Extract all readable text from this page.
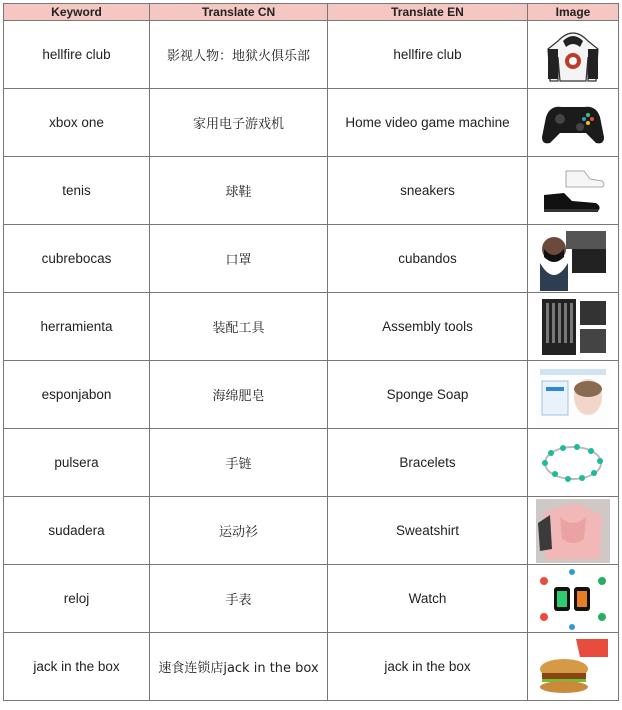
Keyword	Translate CN	Translate EN	Image
hellfire club	影视人物：地狱火俱乐部	hellfire club	

xbox one	家用电子游戏机	Home video game machine	

tenis	球鞋	sneakers	

cubrebocas	口罩	cubandos	

herramienta	装配工具	Assembly tools	

esponjabon	海绵肥皂	Sponge Soap	

pulsera	手链	Bracelets	

sudadera	运动衫	Sweatshirt	

reloj	手表	Watch	

jack in the box	速食连锁店jack in the box	jack in the box	
